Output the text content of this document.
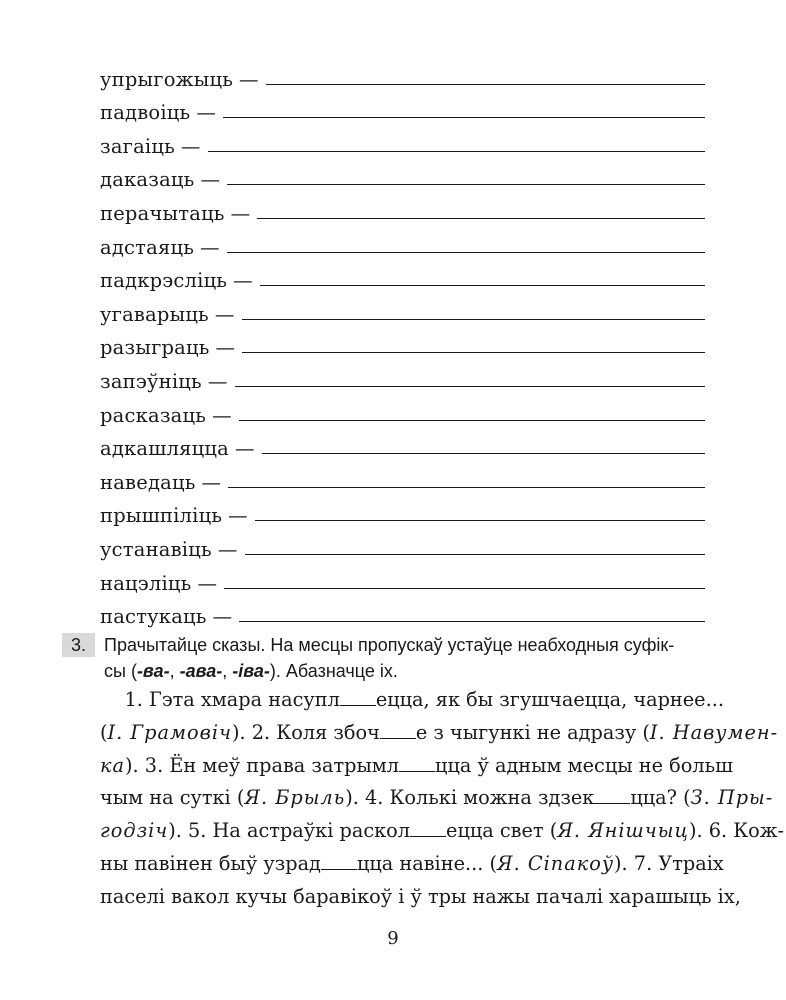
упрыгожыць —
падвоіць —
загаіць —
даказаць —
перачытаць —
адстаяць —
падкрэсліць —
угаварыць —
разыграць —
запэўніць —
расказаць —
адкашляцца —
наведаць —
прышпіліць —
устанавіць —
нацэліць —
пастукаць —
3.	Прачытайце сказы. На месцы пропускаў устаўце неабходныя суфік-
сы (-ва-, -ава-, -іва-). Абазначце іх.
1. Гэта хмара насупл ецца, як бы згушчаецца, чарнее...
(І. Грамовіч). 2. Коля збоч е з чыгункі не адразу (І. Навумен-
ка). 3. Ён меў права затрымл цца ў адным месцы не больш
чым на суткі (Я. Брыль). 4. Колькі можна здзек цца? (З. Пры-
годзіч). 5. На астраўкі раскол ецца свет (Я. Янішчыц). 6. Кож-
ны павінен быў узрад цца навіне... (Я. Сіпакоў). 7. Утраіх
паселі вакол кучы баравікоў і ў тры нажы пачалі харашыць іх,
9
